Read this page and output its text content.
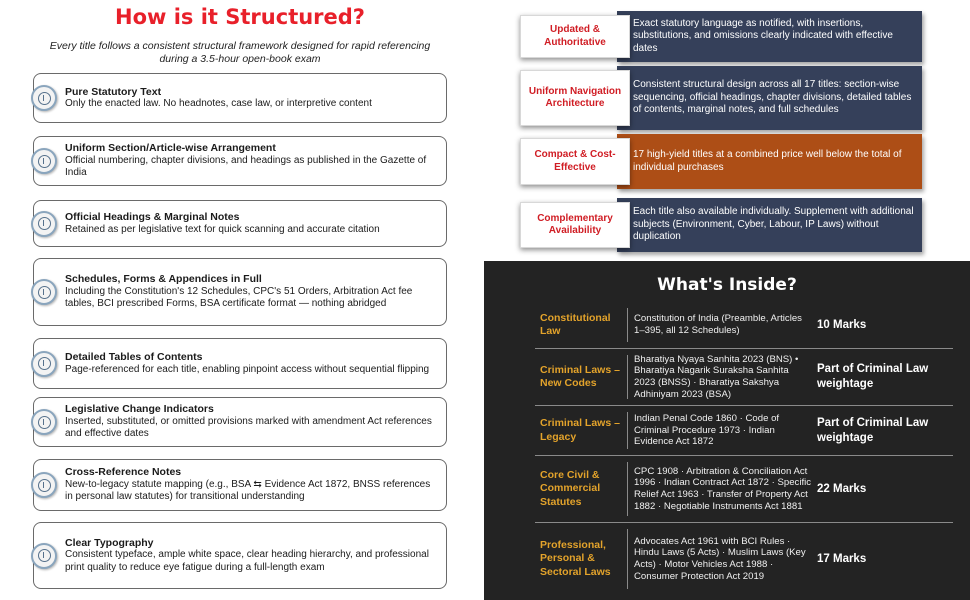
How is it Structured?
Every title follows a consistent structural framework designed for rapid referencing during a 3.5-hour open-book exam
Pure Statutory Text
Only the enacted law. No headnotes, case law, or interpretive content
Uniform Section/Article-wise Arrangement
Official numbering, chapter divisions, and headings as published in the Gazette of India
Official Headings & Marginal Notes
Retained as per legislative text for quick scanning and accurate citation
Schedules, Forms & Appendices in Full
Including the Constitution's 12 Schedules, CPC's 51 Orders, Arbitration Act fee tables, BCI prescribed Forms, BSA certificate format — nothing abridged
Detailed Tables of Contents
Page-referenced for each title, enabling pinpoint access without sequential flipping
Legislative Change Indicators
Inserted, substituted, or omitted provisions marked with amendment Act references and effective dates
Cross-Reference Notes
New-to-legacy statute mapping (e.g., BSA ⇆ Evidence Act 1872, BNSS references in personal law statutes) for transitional understanding
Clear Typography
Consistent typeface, ample white space, clear heading hierarchy, and professional print quality to reduce eye fatigue during a full-length exam
Updated & Authoritative
Exact statutory language as notified, with insertions, substitutions, and omissions clearly indicated with effective dates
Uniform Navigation Architecture
Consistent structural design across all 17 titles: section-wise sequencing, official headings, chapter divisions, detailed tables of contents, marginal notes, and full schedules
Compact & Cost-Effective
17 high-yield titles at a combined price well below the total of individual purchases
Complementary Availability
Each title also available individually. Supplement with additional subjects (Environment, Cyber, Labour, IP Laws) without duplication
What's Inside?
Constitutional Law
Constitution of India (Preamble, Articles 1–395, all 12 Schedules)	10 Marks
Criminal Laws – New Codes
Bharatiya Nyaya Sanhita 2023 (BNS) • Bharatiya Nagarik Suraksha Sanhita 2023 (BNSS) · Bharatiya Sakshya Adhiniyam 2023 (BSA)
Part of Criminal Law weightage
Criminal Laws – Legacy
Indian Penal Code 1860 · Code of Criminal Procedure 1973 · Indian Evidence Act 1872
Part of Criminal Law weightage
Core Civil & Commercial Statutes
CPC 1908 · Arbitration & Conciliation Act 1996 · Indian Contract Act 1872 · Specific Relief Act 1963 · Transfer of Property Act 1882 · Negotiable Instruments Act 1881
22 Marks
Professional, Personal & Sectoral Laws
Advocates Act 1961 with BCI Rules · Hindu Laws (5 Acts) · Muslim Laws (Key Acts) · Motor Vehicles Act 1988 · Consumer Protection Act 2019
17 Marks
